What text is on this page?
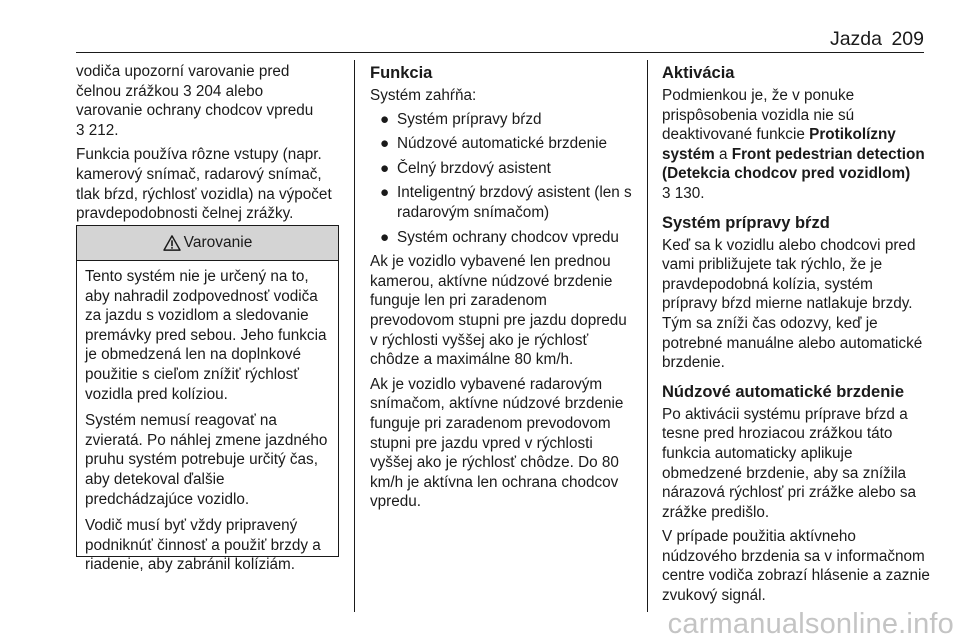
Jazda 209

vodiča upozorní varovanie pred
čelnou zrážkou 3 204 alebo
varovanie ochrany chodcov vpredu
3 212.

Funkcia používa rôzne vstupy (napr. kamerový snímač, radarový snímač, tlak bŕzd, rýchlosť vozidla) na výpočet pravdepodobnosti čelnej zrážky.

Varovanie

Tento systém nie je určený na to, aby nahradil zodpovednosť vodiča za jazdu s vozidlom a sledovanie premávky pred sebou. Jeho funkcia je obmedzená len na doplnkové použitie s cieľom znížiť rýchlosť vozidla pred kolíziou.

Systém nemusí reagovať na zvieratá. Po náhlej zmene jazdného pruhu systém potrebuje určitý čas, aby detekoval ďalšie predchádzajúce vozidlo.

Vodič musí byť vždy pripravený podniknúť činnosť a použiť brzdy a riadenie, aby zabránil kolíziám.

Funkcia

Systém zahŕňa:

● Systém prípravy bŕzd
● Núdzové automatické brzdenie
● Čelný brzdový asistent
● Inteligentný brzdový asistent (len s radarovým snímačom)
● Systém ochrany chodcov vpredu

Ak je vozidlo vybavené len prednou kamerou, aktívne núdzové brzdenie funguje len pri zaradenom prevodovom stupni pre jazdu dopredu v rýchlosti vyššej ako je rýchlosť chôdze a maximálne 80 km/h.

Ak je vozidlo vybavené radarovým snímačom, aktívne núdzové brzdenie funguje pri zaradenom prevodovom stupni pre jazdu vpred v rýchlosti vyššej ako je rýchlosť chôdze. Do 80 km/h je aktívna len ochrana chodcov vpredu.

Aktivácia

Podmienkou je, že v ponuke prispôsobenia vozidla nie sú deaktivované funkcie Protikolízny systém a Front pedestrian detection (Detekcia chodcov pred vozidlom)
3 130.

Systém prípravy bŕzd

Keď sa k vozidlu alebo chodcovi pred vami približujete tak rýchlo, že je pravdepodobná kolízia, systém prípravy bŕzd mierne natlakuje brzdy. Tým sa zníži čas odozvy, keď je potrebné manuálne alebo automatické brzdenie.

Núdzové automatické brzdenie

Po aktivácii systému prípravе bŕzd a tesne pred hroziacou zrážkou táto funkcia automaticky aplikuje obmedzené brzdenie, aby sa znížila nárazová rýchlosť pri zrážke alebo sa zrážke predišlo.

V prípade použitia aktívneho núdzového brzdenia sa v informačnom centre vodiča zobrazí hlásenie a zaznie zvukový signál.

carmanualsonline.info
